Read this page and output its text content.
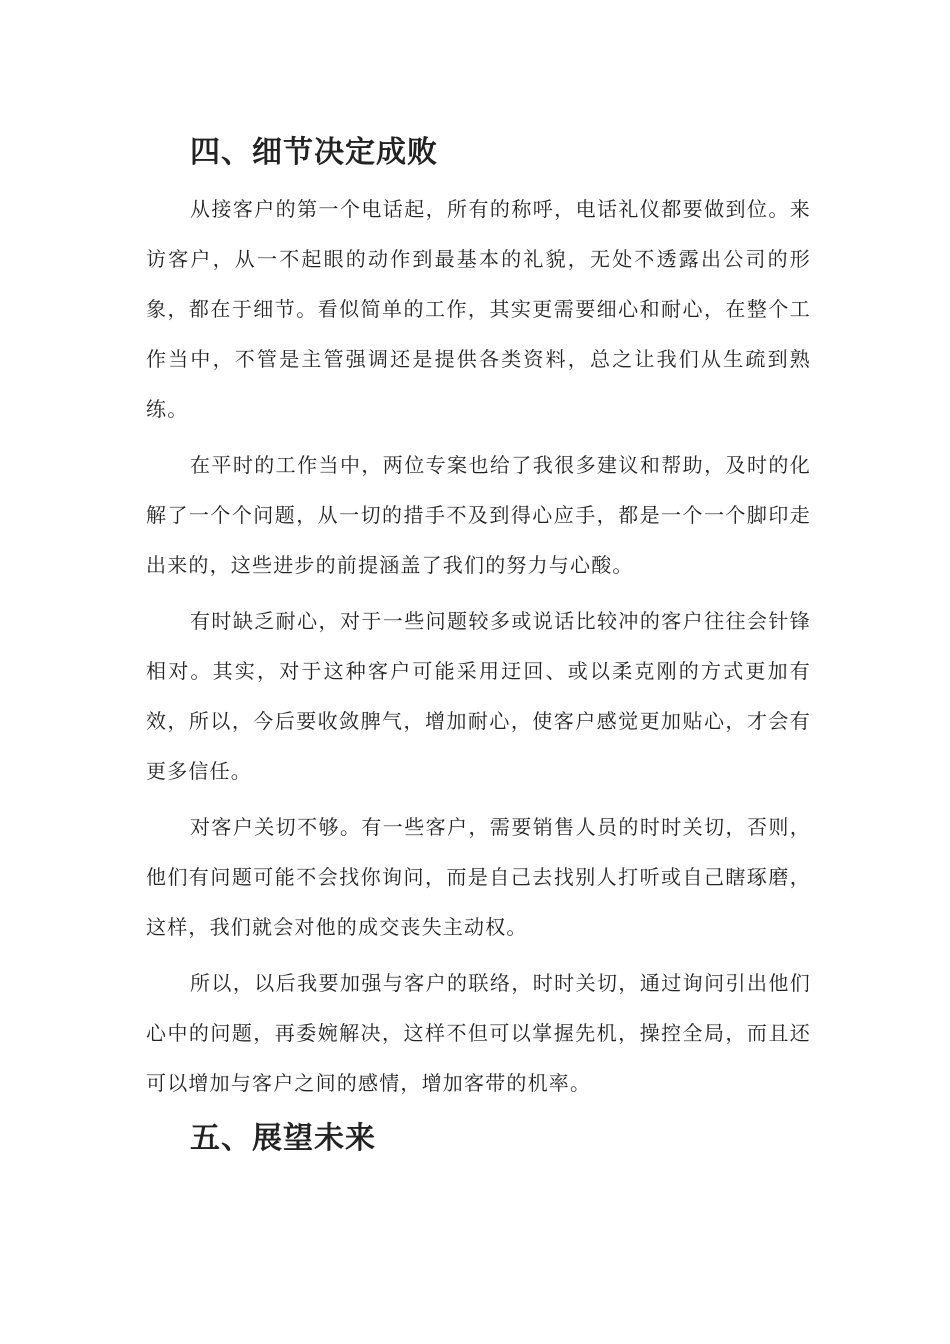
四、细节决定成败

从接客户的第一个电话起，所有的称呼，电话礼仪都要做到位。来访客户，从一不起眼的动作到最基本的礼貌，无处不透露出公司的形象，都在于细节。看似简单的工作，其实更需要细心和耐心，在整个工作当中，不管是主管强调还是提供各类资料，总之让我们从生疏到熟练。

在平时的工作当中，两位专案也给了我很多建议和帮助，及时的化解了一个个问题，从一切的措手不及到得心应手，都是一个一个脚印走出来的，这些进步的前提涵盖了我们的努力与心酸。

有时缺乏耐心，对于一些问题较多或说话比较冲的客户往往会针锋相对。其实，对于这种客户可能采用迂回、或以柔克刚的方式更加有效，所以，今后要收敛脾气，增加耐心，使客户感觉更加贴心，才会有更多信任。

对客户关切不够。有一些客户，需要销售人员的时时关切，否则，他们有问题可能不会找你询问，而是自己去找别人打听或自己瞎琢磨，这样，我们就会对他的成交丧失主动权。

所以，以后我要加强与客户的联络，时时关切，通过询问引出他们心中的问题，再委婉解决，这样不但可以掌握先机，操控全局，而且还可以增加与客户之间的感情，增加客带的机率。

五、展望未来
